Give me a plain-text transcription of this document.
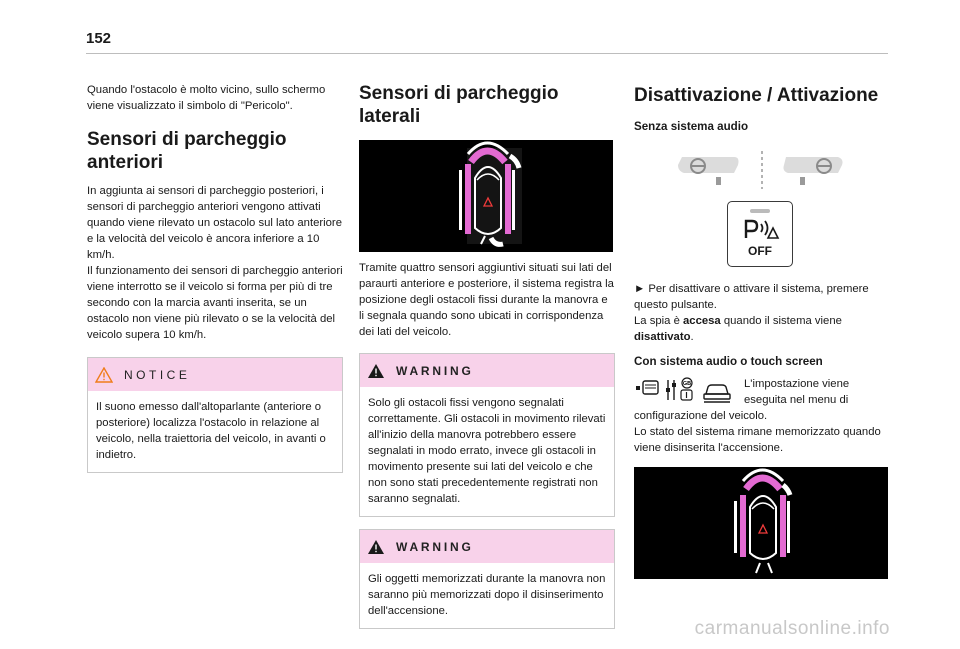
152

Quando l'ostacolo è molto vicino, sullo schermo viene visualizzato il simbolo di "Pericolo".

Sensori di parcheggio
anteriori

In aggiunta ai sensori di parcheggio posteriori, i sensori di parcheggio anteriori vengono attivati quando viene rilevato un ostacolo sul lato anteriore e la velocità del veicolo è ancora inferiore a 10 km/h.

Il funzionamento dei sensori di parcheggio anteriori viene interrotto se il veicolo si forma per più di tre secondo con la marcia avanti inserita, se un ostacolo non viene più rilevato o se la velocità del veicolo supera 10 km/h.

NOTICE

Il suono emesso dall'altoparlante (anteriore o posteriore) localizza l'ostacolo in relazione al veicolo, nella traiettoria del veicolo, in avanti o indietro.

Sensori di parcheggio
laterali

Tramite quattro sensori aggiuntivi situati sui lati del paraurti anteriore e posteriore, il sistema registra la posizione degli ostacoli fissi durante la manovra e li segnala quando sono ubicati in corrispondenza dei lati del veicolo.

WARNING

Solo gli ostacoli fissi vengono segnalati correttamente. Gli ostacoli in movimento rilevati all'inizio della manovra potrebbero essere segnalati in modo errato, invece gli ostacoli in movimento presente sui lati del veicolo e che non sono stati precedentemente registrati non saranno segnalati.

WARNING

Gli oggetti memorizzati durante la manovra non saranno più memorizzati dopo il disinserimento dell'accensione.

Disattivazione / Attivazione
Senza sistema audio
OFF

► Per disattivare o attivare il sistema, premere questo pulsante.

La spia è accesa quando il sistema viene disattivato.

Con sistema audio o touch screen
GB	L'impostazione viene

eseguita nel menu di

configurazione del veicolo.

Lo stato del sistema rimane memorizzato quando viene disinserita l'accensione.

carmanualsonline.info
